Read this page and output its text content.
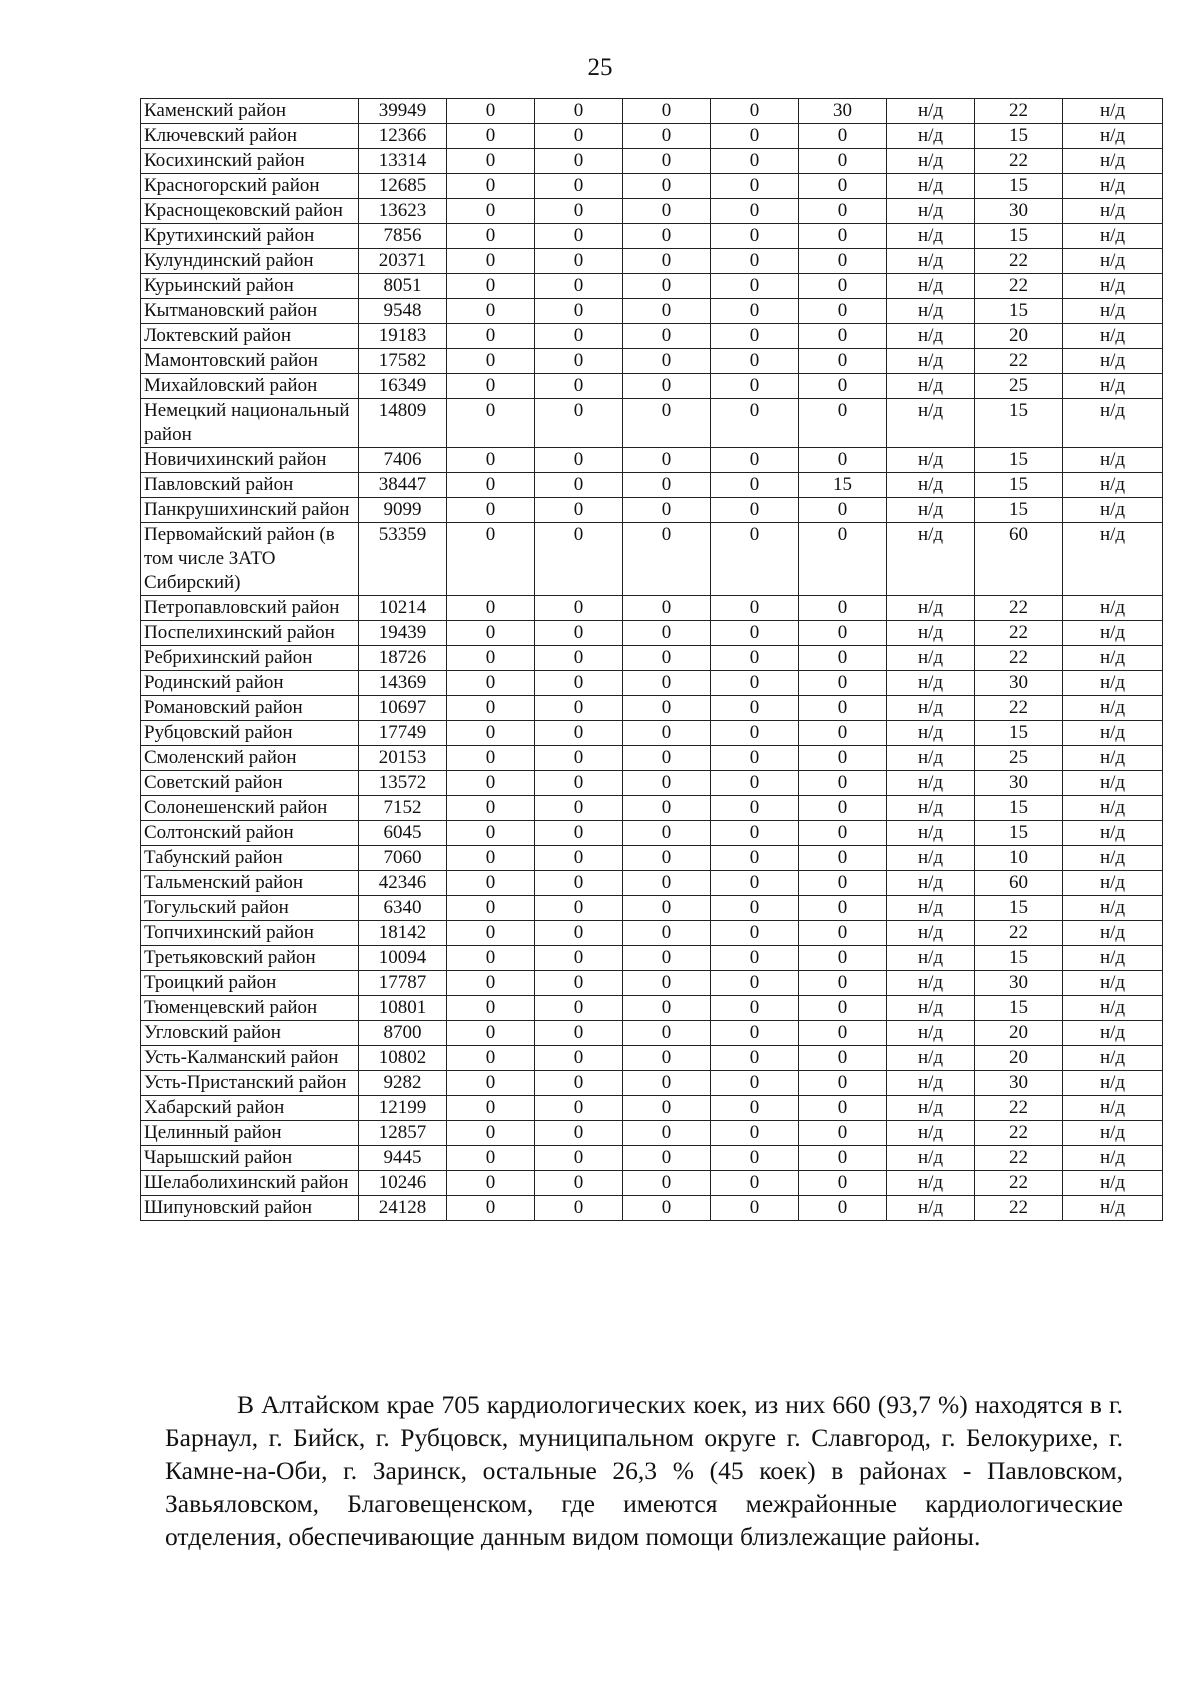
25
Каменский район	39949	0	0	0	0	30	н/д	22	н/д
Ключевский район	12366	0	0	0	0	0	н/д	15	н/д
Косихинский район	13314	0	0	0	0	0	н/д	22	н/д
Красногорский район	12685	0	0	0	0	0	н/д	15	н/д
Краснощековский район	13623	0	0	0	0	0	н/д	30	н/д
Крутихинский район	7856	0	0	0	0	0	н/д	15	н/д
Кулундинский район	20371	0	0	0	0	0	н/д	22	н/д
Курьинский район	8051	0	0	0	0	0	н/д	22	н/д
Кытмановский район	9548	0	0	0	0	0	н/д	15	н/д
Локтевский район	19183	0	0	0	0	0	н/д	20	н/д
Мамонтовский район	17582	0	0	0	0	0	н/д	22	н/д
Михайловский район	16349	0	0	0	0	0	н/д	25	н/д
Немецкий национальный район	14809	0	0	0	0	0	н/д	15	н/д
Новичихинский район	7406	0	0	0	0	0	н/д	15	н/д
Павловский район	38447	0	0	0	0	15	н/д	15	н/д
Панкрушихинский район	9099	0	0	0	0	0	н/д	15	н/д
Первомайский район (в том числе ЗАТО Сибирский)	53359	0	0	0	0	0	н/д	60	н/д
Петропавловский район	10214	0	0	0	0	0	н/д	22	н/д
Поспелихинский район	19439	0	0	0	0	0	н/д	22	н/д
Ребрихинский район	18726	0	0	0	0	0	н/д	22	н/д
Родинский район	14369	0	0	0	0	0	н/д	30	н/д
Романовский район	10697	0	0	0	0	0	н/д	22	н/д
Рубцовский район	17749	0	0	0	0	0	н/д	15	н/д
Смоленский район	20153	0	0	0	0	0	н/д	25	н/д
Советский район	13572	0	0	0	0	0	н/д	30	н/д
Солонешенский район	7152	0	0	0	0	0	н/д	15	н/д
Солтонский район	6045	0	0	0	0	0	н/д	15	н/д
Табунский район	7060	0	0	0	0	0	н/д	10	н/д
Тальменский район	42346	0	0	0	0	0	н/д	60	н/д
Тогульский район	6340	0	0	0	0	0	н/д	15	н/д
Топчихинский район	18142	0	0	0	0	0	н/д	22	н/д
Третьяковский район	10094	0	0	0	0	0	н/д	15	н/д
Троицкий район	17787	0	0	0	0	0	н/д	30	н/д
Тюменцевский район	10801	0	0	0	0	0	н/д	15	н/д
Угловский район	8700	0	0	0	0	0	н/д	20	н/д
Усть-Калманский район	10802	0	0	0	0	0	н/д	20	н/д
Усть-Пристанский район	9282	0	0	0	0	0	н/д	30	н/д
Хабарский район	12199	0	0	0	0	0	н/д	22	н/д
Целинный район	12857	0	0	0	0	0	н/д	22	н/д
Чарышский район	9445	0	0	0	0	0	н/д	22	н/д
Шелаболихинский район	10246	0	0	0	0	0	н/д	22	н/д
Шипуновский район	24128	0	0	0	0	0	н/д	22	н/д
В Алтайском крае 705 кардиологических коек, из них 660 (93,7 %) находятся в г. Барнаул, г. Бийск, г. Рубцовск, муниципальном округе г. Славгород, г. Белокурихе, г. Камне-на-Оби, г. Заринск, остальные 26,3 % (45 коек) в районах - Павловском, Завьяловском, Благовещенском, где имеются межрайонные кардиологические отделения, обеспечивающие данным видом помощи близлежащие районы.
